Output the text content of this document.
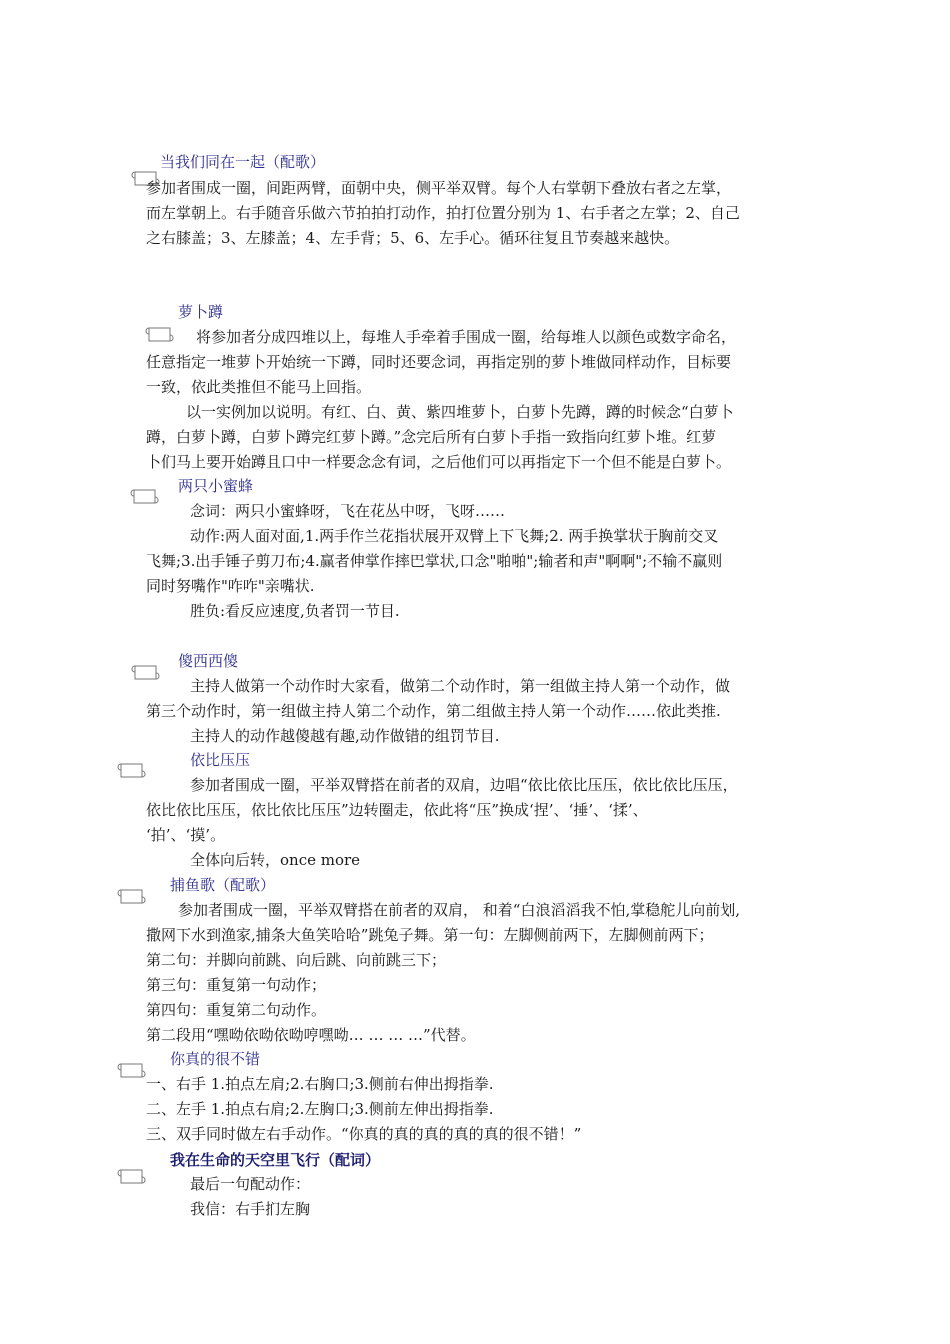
当我们同在一起（配歌）
参加者围成一圈，间距两臂，面朝中央，侧平举双臂。每个人右掌朝下叠放右者之左掌，
而左掌朝上。右手随音乐做六节拍拍打动作，拍打位置分别为 1、右手者之左掌；2、自己
之右膝盖；3、左膝盖；4、左手背；5、6、左手心。循环往复且节奏越来越快。
萝卜蹲
将参加者分成四堆以上，每堆人手牵着手围成一圈，给每堆人以颜色或数字命名，
任意指定一堆萝卜开始统一下蹲，同时还要念词，再指定别的萝卜堆做同样动作，目标要
一致，依此类推但不能马上回指。
以一实例加以说明。有红、白、黄、紫四堆萝卜，白萝卜先蹲，蹲的时候念“白萝卜
蹲，白萝卜蹲，白萝卜蹲完红萝卜蹲。”念完后所有白萝卜手指一致指向红萝卜堆。红萝
卜们马上要开始蹲且口中一样要念念有词，之后他们可以再指定下一个但不能是白萝卜。
两只小蜜蜂
念词：两只小蜜蜂呀，飞在花丛中呀，飞呀……
动作:两人面对面,1.两手作兰花指状展开双臂上下飞舞;2. 两手换掌状于胸前交叉
飞舞;3.出手锤子剪刀布;4.赢者伸掌作摔巴掌状,口念"啪啪";输者和声"啊啊";不输不赢则
同时努嘴作"咋咋"亲嘴状.
胜负:看反应速度,负者罚一节目.
傻西西傻
主持人做第一个动作时大家看，做第二个动作时，第一组做主持人第一个动作，做
第三个动作时，第一组做主持人第二个动作，第二组做主持人第一个动作……依此类推.
主持人的动作越傻越有趣,动作做错的组罚节目.
依比压压
参加者围成一圈，平举双臂搭在前者的双肩，边唱“依比依比压压，依比依比压压，
依比依比压压，依比依比压压”边转圈走，依此将“压”换成‘捏’、‘捶’、‘揉’、
‘拍’、‘摸’。
全体向后转，once more
捕鱼歌（配歌）
参加者围成一圈，平举双臂搭在前者的双肩， 和着“白浪滔滔我不怕,掌稳舵儿向前划,
撒网下水到渔家,捕条大鱼笑哈哈”跳兔子舞。第一句：左脚侧前两下，左脚侧前两下；
第二句：并脚向前跳、向后跳、向前跳三下；
第三句：重复第一句动作；
第四句：重复第二句动作。
第二段用“嘿呦依呦依呦哼嘿呦… … … …”代替。
你真的很不错
一、右手 1.拍点左肩;2.右胸口;3.侧前右伸出拇指拳.
二、左手 1.拍点右肩;2.左胸口;3.侧前左伸出拇指拳.
三、双手同时做左右手动作。“你真的真的真的真的真的很不错！”
我在生命的天空里飞行（配词）
最后一句配动作：
我信：右手扪左胸
